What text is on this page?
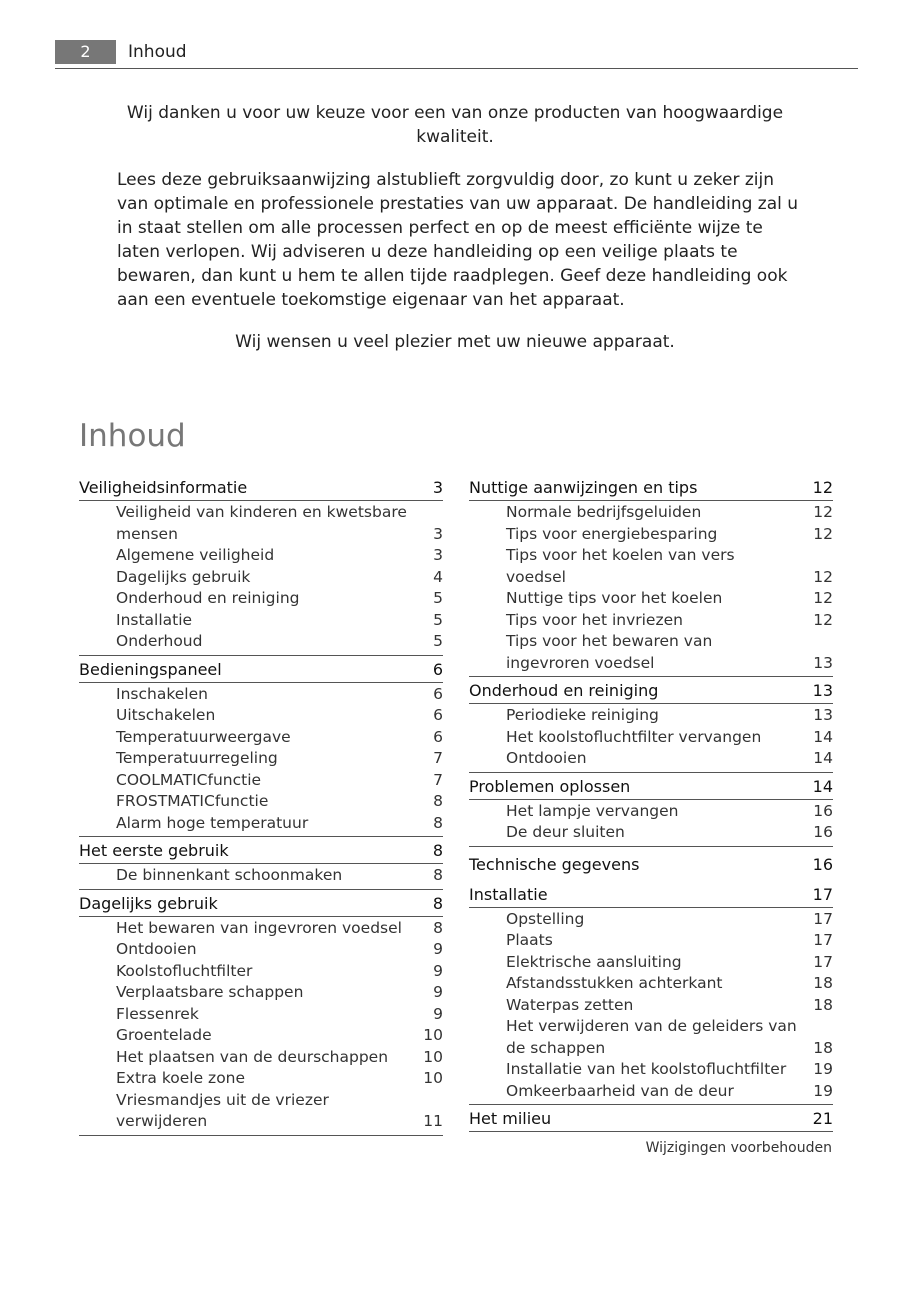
2	Inhoud

Wij danken u voor uw keuze voor een van onze producten van hoogwaardige kwaliteit.

Lees deze gebruiksaanwijzing alstublieft zorgvuldig door, zo kunt u zeker zijn van optimale en professionele prestaties van uw apparaat. De handleiding zal u in staat stellen om alle processen perfect en op de meest efficiënte wijze te laten verlopen. Wij adviseren u deze handleiding op een veilige plaats te bewaren, dan kunt u hem te allen tijde raadplegen. Geef deze handleiding ook aan een eventuele toekomstige eigenaar van het apparaat.

Wij wensen u veel plezier met uw nieuwe apparaat.

Inhoud
Veiligheidsinformatie	3
Veiligheid van kinderen en kwetsbare mensen	3
Algemene veiligheid	3
Dagelijks gebruik	4
Onderhoud en reiniging	5
Installatie	5
Onderhoud	5
Bedieningspaneel	6
Inschakelen	6
Uitschakelen	6
Temperatuurweergave	6
Temperatuurregeling	7
COOLMATICfunctie	7
FROSTMATICfunctie	8
Alarm hoge temperatuur	8
Het eerste gebruik	8
De binnenkant schoonmaken	8
Dagelijks gebruik	8
Het bewaren van ingevroren voedsel	8
Ontdooien	9
Koolstofluchtfilter	9
Verplaatsbare schappen	9
Flessenrek	9
Groentelade	10
Het plaatsen van de deurschappen	10
Extra koele zone	10
Vriesmandjes uit de vriezer verwijderen	11
Nuttige aanwijzingen en tips	12
Normale bedrijfsgeluiden	12
Tips voor energiebesparing	12
Tips voor het koelen van vers voedsel	12
Nuttige tips voor het koelen	12
Tips voor het invriezen	12
Tips voor het bewaren van ingevroren voedsel	13
Onderhoud en reiniging	13
Periodieke reiniging	13
Het koolstofluchtfilter vervangen	14
Ontdooien	14
Problemen oplossen	14
Het lampje vervangen	16
De deur sluiten	16
Technische gegevens	16
Installatie	17
Opstelling	17
Plaats	17
Elektrische aansluiting	17
Afstandsstukken achterkant	18
Waterpas zetten	18
Het verwijderen van de geleiders van de schappen	18
Installatie van het koolstofluchtfilter	19
Omkeerbaarheid van de deur	19
Het milieu	21
Wijzigingen voorbehouden
